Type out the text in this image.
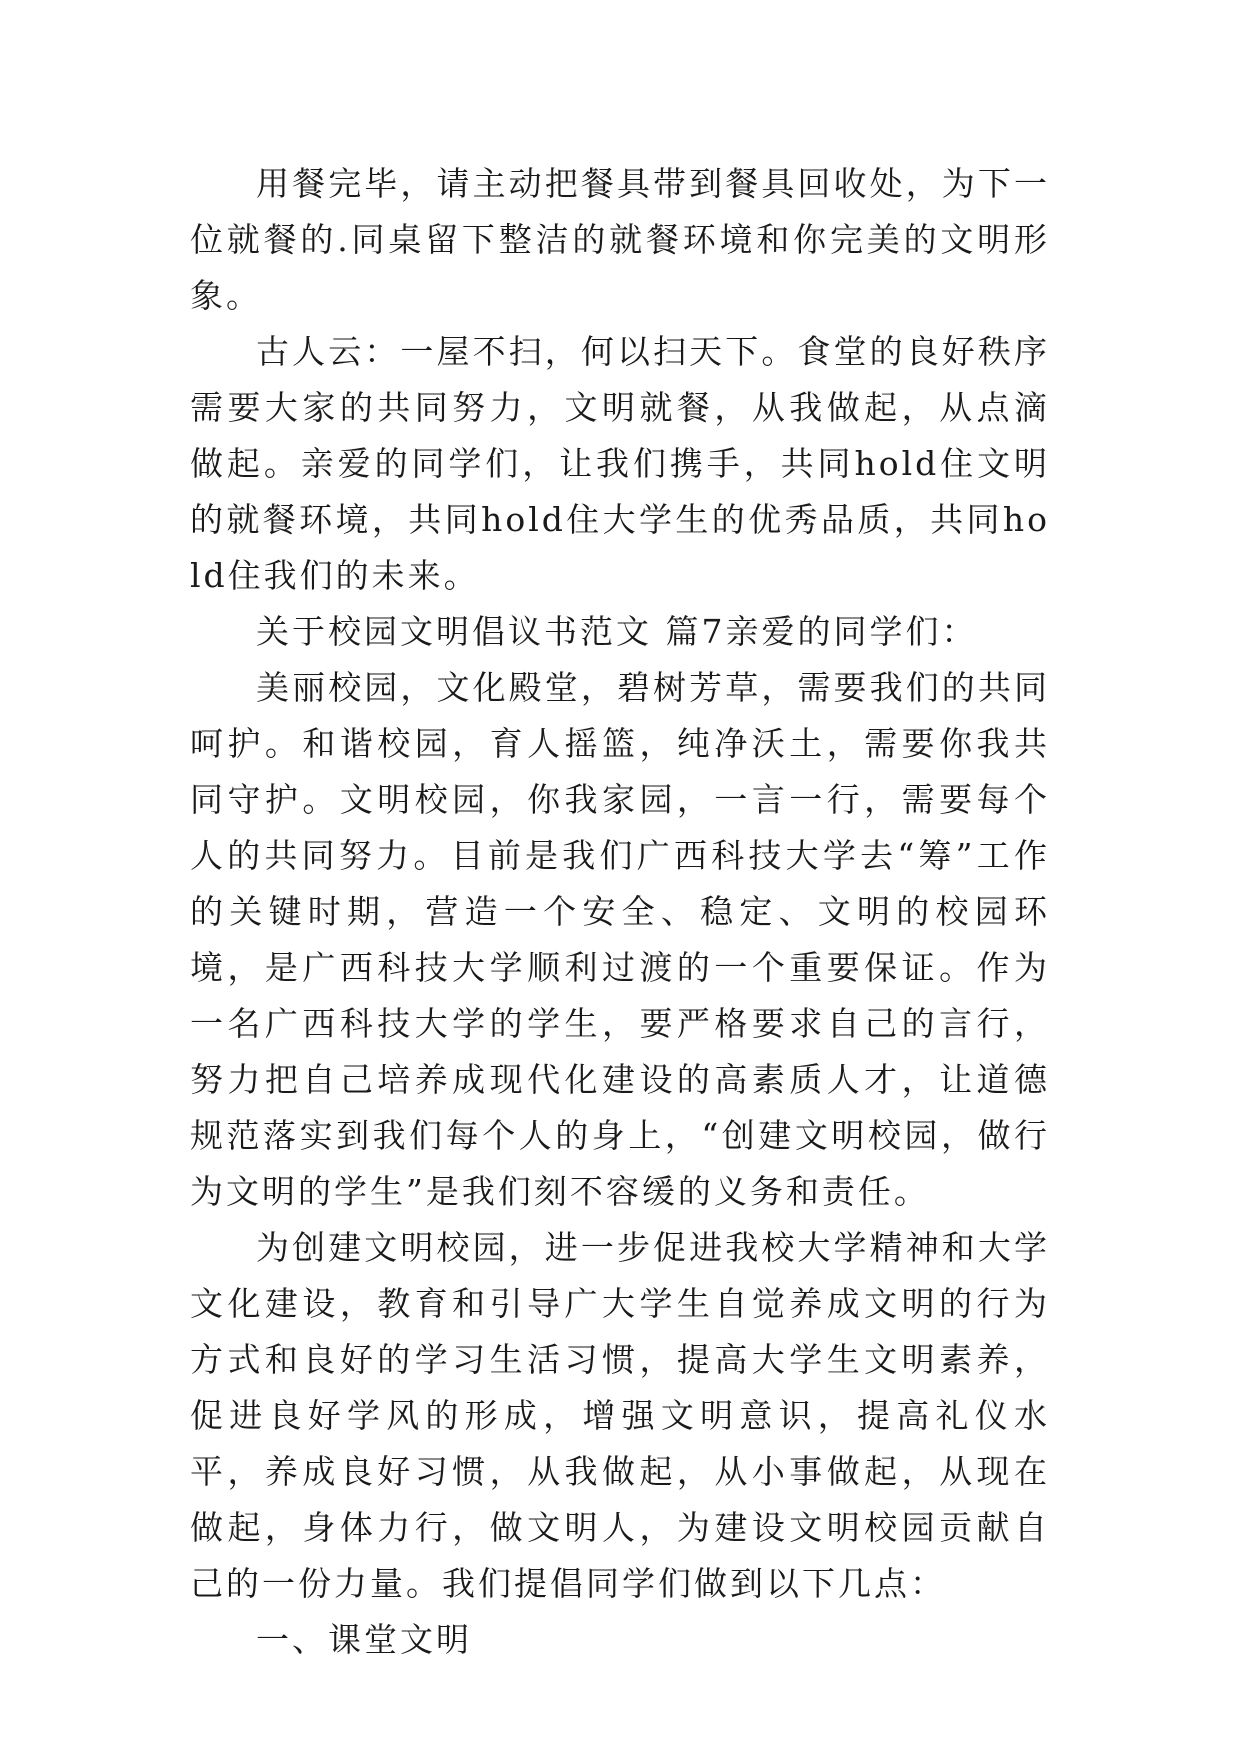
用餐完毕，请主动把餐具带到餐具回收处，为下一位就餐的.同桌留下整洁的就餐环境和你完美的文明形象。

古人云：一屋不扫，何以扫天下。食堂的良好秩序需要大家的共同努力，文明就餐，从我做起，从点滴做起。亲爱的同学们，让我们携手，共同hold住文明的就餐环境，共同hold住大学生的优秀品质，共同hold住我们的未来。

关于校园文明倡议书范文 篇7亲爱的同学们：

美丽校园，文化殿堂，碧树芳草，需要我们的共同呵护。和谐校园，育人摇篮，纯净沃土，需要你我共同守护。文明校园，你我家园，一言一行，需要每个人的共同努力。目前是我们广西科技大学去“筹”工作的关键时期，营造一个安全、稳定、文明的校园环境，是广西科技大学顺利过渡的一个重要保证。作为一名广西科技大学的学生，要严格要求自己的言行，努力把自己培养成现代化建设的高素质人才，让道德规范落实到我们每个人的身上，“创建文明校园，做行为文明的学生”是我们刻不容缓的义务和责任。

为创建文明校园，进一步促进我校大学精神和大学文化建设，教育和引导广大学生自觉养成文明的行为方式和良好的学习生活习惯，提高大学生文明素养，促进良好学风的形成，增强文明意识，提高礼仪水平，养成良好习惯，从我做起，从小事做起，从现在做起，身体力行，做文明人，为建设文明校园贡献自己的一份力量。我们提倡同学们做到以下几点：

一、课堂文明
